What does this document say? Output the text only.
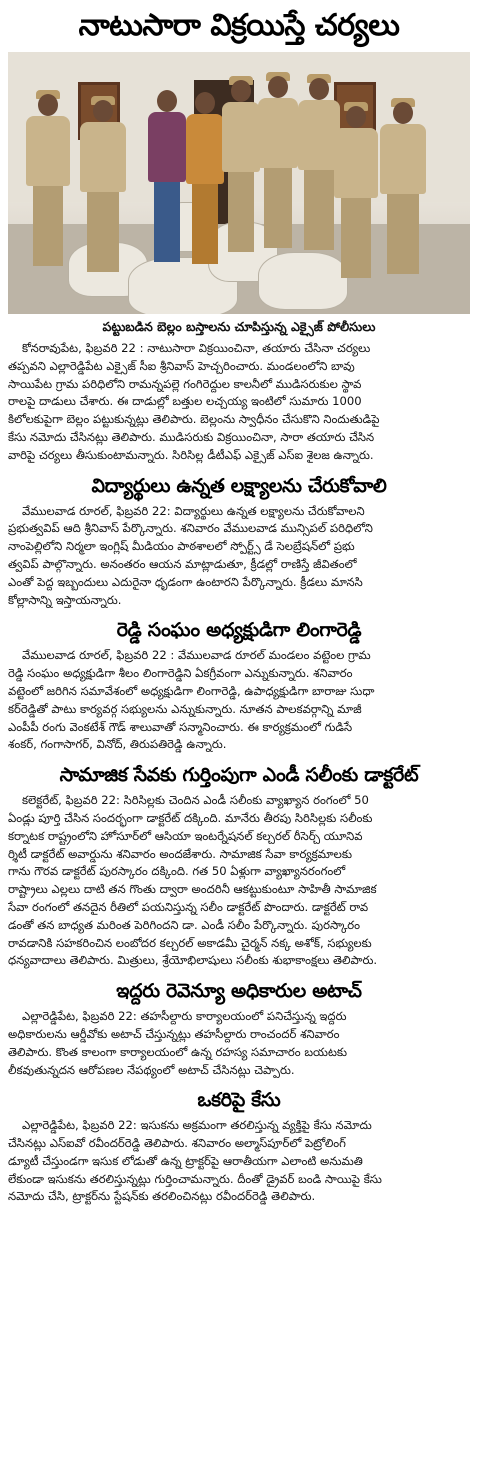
నాటుసారా విక్రయిస్తే చర్యలు
పట్టుబడిన బెల్లం బస్తాలను చూపిస్తున్న ఎక్సైజ్ పోలీసులు

కోనరావుపేట, ఫిబ్రవరి 22 : నాటుసారా విక్రయించినా, తయారు చేసినా చర్యలు

తప్పవని ఎల్లారెడ్డిపేట ఎక్సైజ్ సీఐ శ్రీనివాస్ హెచ్చరించారు. మండలంలోని బావు

సాయిపేట గ్రామ పరిధిలోని రామన్నపల్లె గంగిరెద్దుల కాలనీలో ముడిసరుకుల స్థావ

రాలపై దాడులు చేశారు. ఈ దాడుల్లో బత్తుల లచ్చయ్య ఇంటిలో సుమారు 1000

కిలోలకుపైగా బెల్లం పట్టుకున్నట్లు తెలిపారు. బెల్లంను స్వాధీనం చేసుకొని నిందుతుడిపై

కేసు నమోదు చేసినట్లు తెలిపారు. ముడిసరుకు విక్రయించినా, సారా తయారు చేసిన

వారిపై చర్యలు తీసుకుంటామన్నారు. సిరిసిల్ల డీటీఎఫ్ ఎక్సైజ్ ఎస్ఐ శైలజ ఉన్నారు.

విద్యార్థులు ఉన్నత లక్ష్యాలను చేరుకోవాలి

వేములవాడ రూరల్, ఫిబ్రవరి 22: విద్యార్థులు ఉన్నత లక్ష్యాలను చేరుకోవాలని

ప్రభుత్వవిప్ ఆది శ్రీనివాస్ పేర్కొన్నారు. శనివారం వేములవాడ మున్సిపల్ పరిధిలోని

నాంపెల్లిలోని నిర్మలా ఇంగ్లిష్ మీడియం పాఠశాలలో స్పోర్ట్స్ డే సెలబ్రేషన్‌లో ప్రభు

త్వవిప్ పాల్గొన్నారు. అనంతరం ఆయన మాట్లాడుతూ, క్రీడల్లో రాణిస్తే జీవితంలో

ఎంతో పెద్ద ఇబ్బందులు ఎదురైనా ధృడంగా ఉంటారని పేర్కొన్నారు. క్రీడలు మానసి

కోల్లాసాన్ని ఇస్తాయన్నారు.

రెడ్డి సంఘం అధ్యక్షుడిగా లింగారెడ్డి

వేములవాడ రూరల్, ఫిబ్రవరి 22 : వేములవాడ రూరల్ మండలం వట్టెంల గ్రామ

రెడ్డి సంఘం అధ్యక్షుడిగా శీలం లింగారెడ్డిని ఏకగ్రీవంగా ఎన్నుకున్నారు. శనివారం

వట్టెంలో జరిగిన సమావేశంలో అధ్యక్షుడిగా లింగారెడ్డి, ఉపాధ్యక్షుడిగా బారాజు సుధా

కర్‌రెడ్డితో పాటు కార్యవర్గ సభ్యులను ఎన్నుకున్నారు. నూతన పాలకవర్గాన్ని మాజీ

ఎంపీపీ రంగు వెంకటేశ్ గౌడ్ శాలువాతో సన్మానించారు. ఈ కార్యక్రమంలో గుడిసే

శంకర్, గంగాసాగర్, వినోద్, తిరుపతిరెడ్డి ఉన్నారు.

సామాజిక సేవకు గుర్తింపుగా ఎండీ సలీంకు డాక్టరేట్

కలెక్టరేట్, ఫిబ్రవరి 22: సిరిసిల్లకు చెందిన ఎండీ సలీంకు వ్యాఖ్యాన రంగంలో 50

ఏండ్లు పూర్తి చేసిన సందర్భంగా డాక్టరేట్ దక్కింది. మానేరు తీరపు సిరిసిల్లకు సలీంకు

కర్నాటక రాష్ట్రంలోని హోసూర్‌లో ఆసియా ఇంటర్నేషనల్ కల్చరల్ రీసెర్చ్ యూనివ

ర్శిటీ డాక్టరేట్ అవార్డును శనివారం అందజేశారు. సామాజిక సేవా కార్యక్రమాలకు

గాను గౌరవ డాక్టరేట్ పురస్కారం దక్కింది. గత 50 ఏళ్లుగా వ్యాఖ్యానరంగంలో

రాష్ట్రాలు ఎల్లలు దాటి తన గొంతు ద్వారా అందరినీ ఆకట్టుకుంటూ సాహితీ సామాజిక

సేవా రంగంలో తనదైన రీతిలో పయనిస్తున్న సలీం డాక్టరేట్ పొందారు. డాక్టరేట్ రావ

డంతో తన బాధ్యత మరింత పెరిగిందని డా. ఎండీ సలీం పేర్కొన్నారు. పురస్కారం

రావడానికి సహకరించిన లంబోదర కల్చరల్ అకాడమీ చైర్మన్ నక్క అశోక్, సభ్యులకు

ధన్యవాదాలు తెలిపారు. మిత్రులు, శ్రేయోభిలాషులు సలీంకు శుభాకాంక్షలు తెలిపారు.

ఇద్దరు రెవెన్యూ అధికారుల అటాచ్

ఎల్లారెడ్డిపేట, ఫిబ్రవరి 22: తహసీల్దారు కార్యాలయంలో పనిచేస్తున్న ఇద్దరు

అధికారులను ఆర్డీవోకు అటాచ్ చేస్తున్నట్లు తహసీల్దారు రాంచందర్ శనివారం

తెలిపారు. కొంత కాలంగా కార్యాలయంలో ఉన్న రహస్య సమాచారం బయటకు

లీకవుతున్నదన ఆరోపణల నేపథ్యంలో అటాచ్ చేసినట్లు చెప్పారు.

ఒకరిపై కేసు

ఎల్లారెడ్డిపేట, ఫిబ్రవరి 22: ఇసుకను అక్రమంగా తరలిస్తున్న వ్యక్తిపై కేసు నమోదు

చేసినట్లు ఎస్ఐవో రవీందర్‌రెడ్డి తెలిపారు. శనివారం అల్మాస్‌పూర్‌లో పెట్రోలింగ్

డ్యూటీ చేస్తుండగా ఇసుక లోడుతో ఉన్న ట్రాక్టర్‌పై ఆరాతీయగా ఎలాంటి అనుమతి

లేకుండా ఇసుకను తరలిస్తున్నట్లు గుర్తించామన్నారు. దీంతో డ్రైవర్ బండి సాయిపై కేసు

నమోదు చేసి, ట్రాక్టర్‌ను స్టేషన్‌కు తరలించినట్లు రవీందర్‌రెడ్డి తెలిపారు.
